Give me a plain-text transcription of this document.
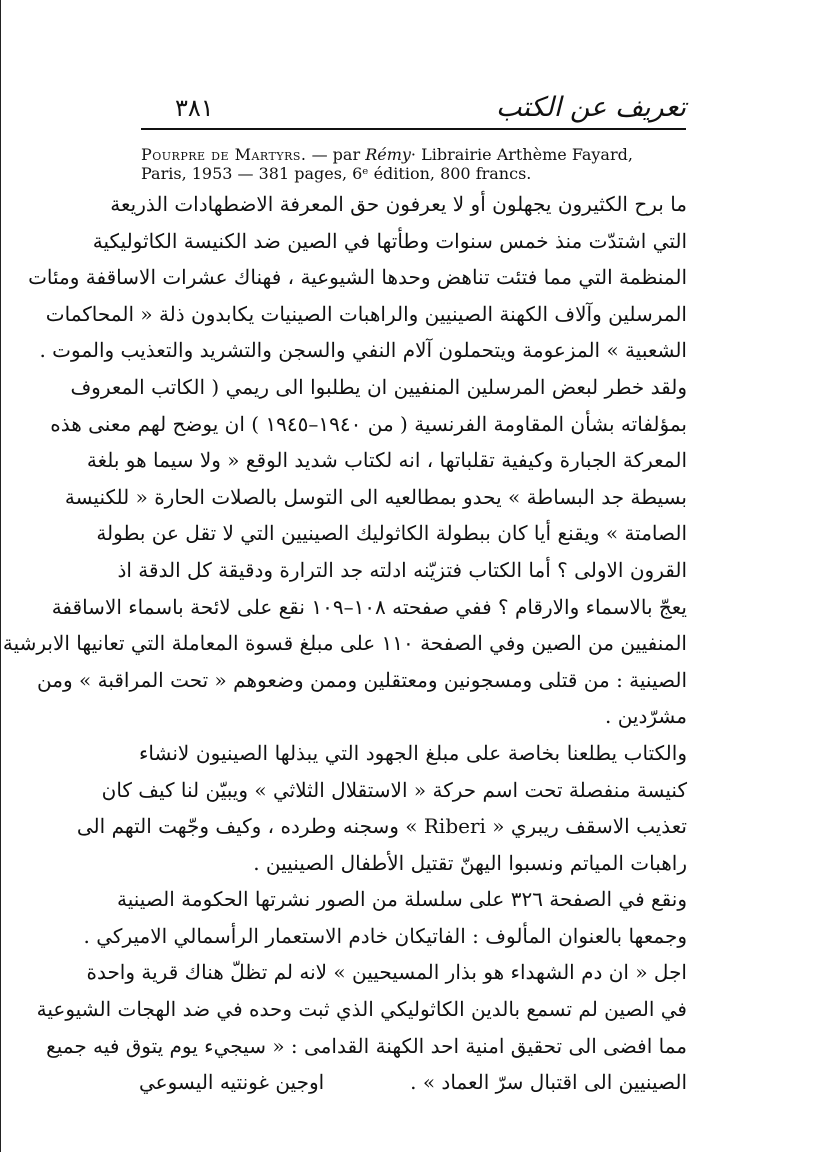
٣٨١	تعريف عن الكتب
Pourpre de Martyrs. — par Rémy· Librairie Arthème Fayard,
Paris, 1953 — 381 pages, 6ᵉ édition, 800 francs.
ما برح الكثيرون يجهلون أو لا يعرفون حق المعرفة الاضطهادات الذريعة
التي اشتدّت منذ خمس سنوات وطأتها في الصين ضد الكنيسة الكاثوليكية
المنظمة التي مما فتئت تناهض وحدها الشيوعية ، فهناك عشرات الاساقفة ومئات
المرسلين وآلاف الكهنة الصينيين والراهبات الصينيات يكابدون ذلة « المحاكمات
الشعبية » المزعومة ويتحملون آلام النفي والسجن والتشريد والتعذيب والموت .
ولقد خطر لبعض المرسلين المنفيين ان يطلبوا الى ريمي ( الكاتب المعروف
بمؤلفاته بشأن المقاومة الفرنسية ( من ١٩٤٠–١٩٤٥ ) ان يوضح لهم معنى هذه
المعركة الجبارة وكيفية تقلباتها ، انه لكتاب شديد الوقع « ولا سيما هو بلغة
بسيطة جد البساطة » يحدو بمطالعيه الى التوسل بالصلات الحارة « للكنيسة
الصامتة » ويقنع أيا كان ببطولة الكاثوليك الصينيين التي لا تقل عن بطولة
القرون الاولى ؟ أما الكتاب فتزيّنه ادلته جد الترارة ودقيقة كل الدقة اذ
يعجّ بالاسماء والارقام ؟ ففي صفحته ١٠٨–١٠٩ نقع على لائحة باسماء الاساقفة
المنفيين من الصين وفي الصفحة ١١٠ على مبلغ قسوة المعاملة التي تعانيها الابرشية
الصينية : من قتلى ومسجونين ومعتقلين وممن وضعوهم « تحت المراقبة » ومن
مشرّدين .
والكتاب يطلعنا بخاصة على مبلغ الجهود التي يبذلها الصينيون لانشاء
كنيسة منفصلة تحت اسم حركة « الاستقلال الثلاثي » ويبيّن لنا كيف كان
تعذيب الاسقف ريبري « Riberi » وسجنه وطرده ، وكيف وجّهت التهم الى
راهبات المياتم ونسبوا اليهنّ تقتيل الأطفال الصينيين .
ونقع في الصفحة ٣٢٦ على سلسلة من الصور نشرتها الحكومة الصينية
وجمعها بالعنوان المألوف : الفاتيكان خادم الاستعمار الرأسمالي الاميركي .
اجل « ان دم الشهداء هو بذار المسيحيين » لانه لم تظلّ هناك قرية واحدة
في الصين لم تسمع بالدين الكاثوليكي الذي ثبت وحده في ضد الهجات الشيوعية
مما افضى الى تحقيق امنية احد الكهنة القدامى : « سيجيء يوم يتوق فيه جميع
الصينيين الى اقتبال سرّ العماد » .
اوجين غونتيه اليسوعي
